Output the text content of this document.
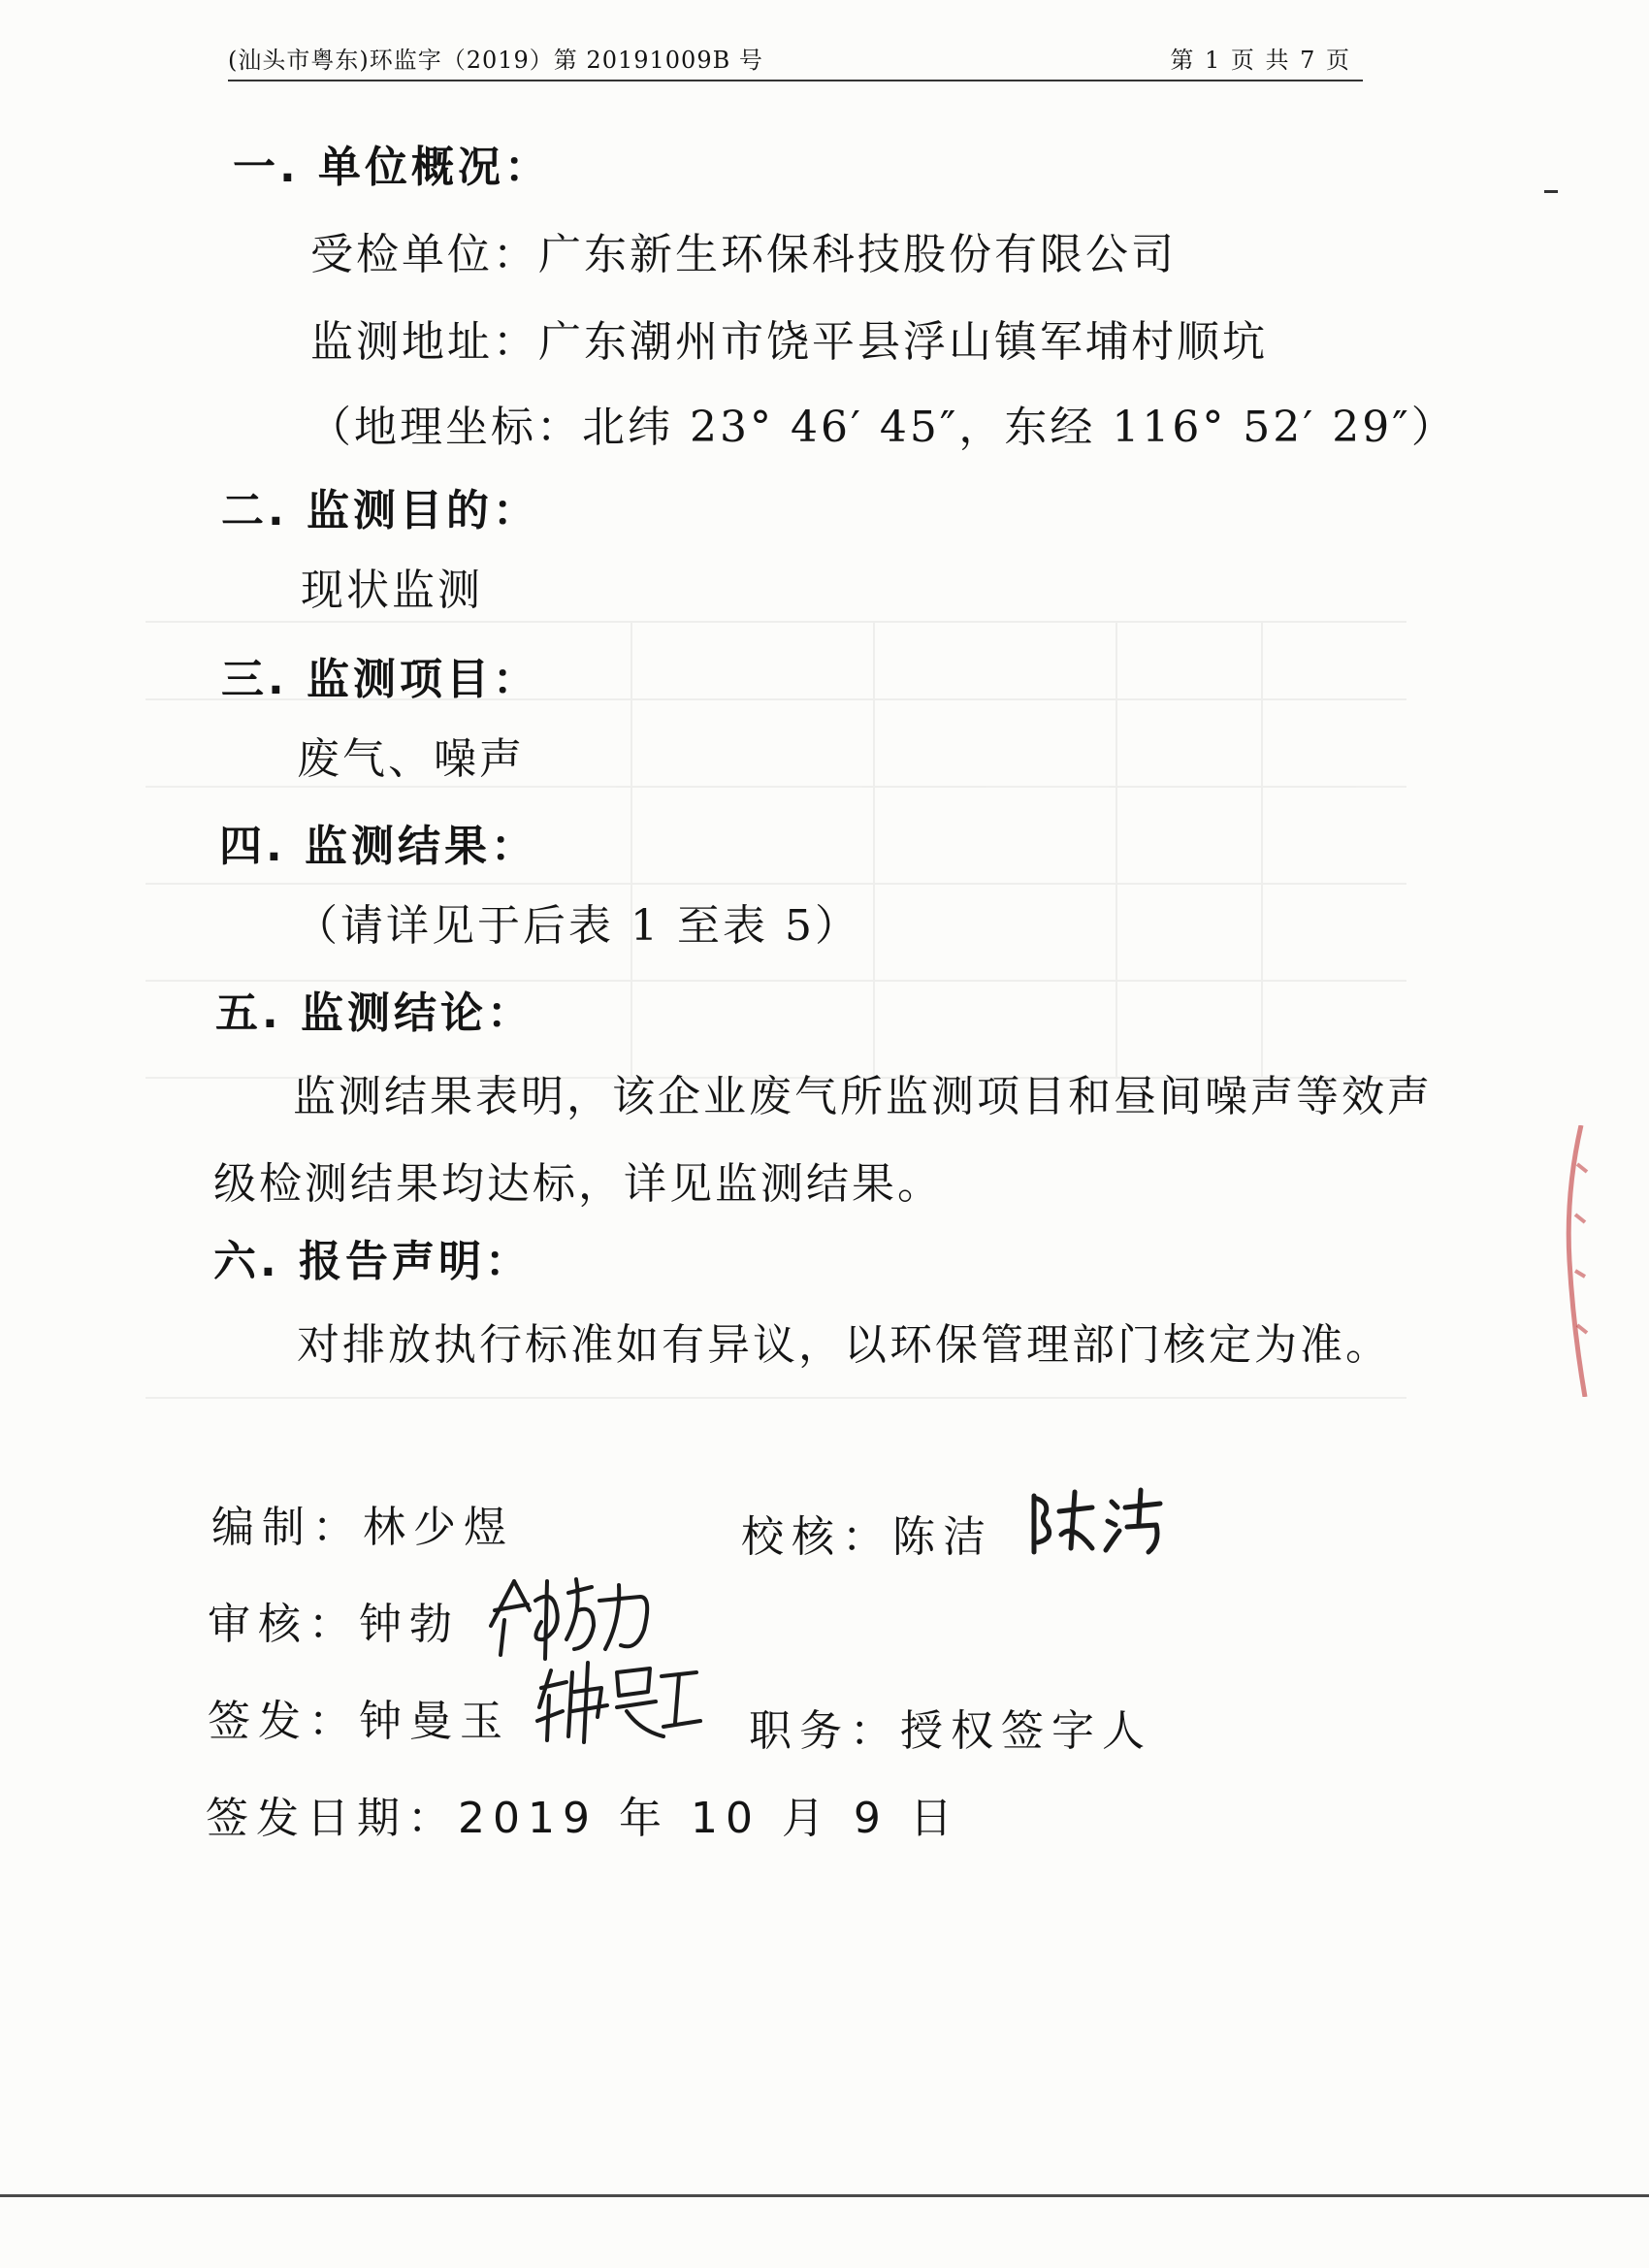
(汕头市粤东)环监字（2019）第 20191009B 号	第 1 页 共 7 页
一. 单位概况：
受检单位：广东新生环保科技股份有限公司
监测地址：广东潮州市饶平县浮山镇军埔村顺坑
（地理坐标：北纬 23° 46′ 45″，东经 116° 52′ 29″）
二. 监测目的：
现状监测
三. 监测项目：
废气、噪声
四. 监测结果：
（请详见于后表 1 至表 5）
五. 监测结论：
监测结果表明，该企业废气所监测项目和昼间噪声等效声
级检测结果均达标，详见监测结果。
六. 报告声明：
对排放执行标准如有异议，以环保管理部门核定为准。
编制：林少煜	校核：陈洁
审核：钟勃
签发：钟曼玉	职务：授权签字人
签发日期：2019 年 10 月 9 日
